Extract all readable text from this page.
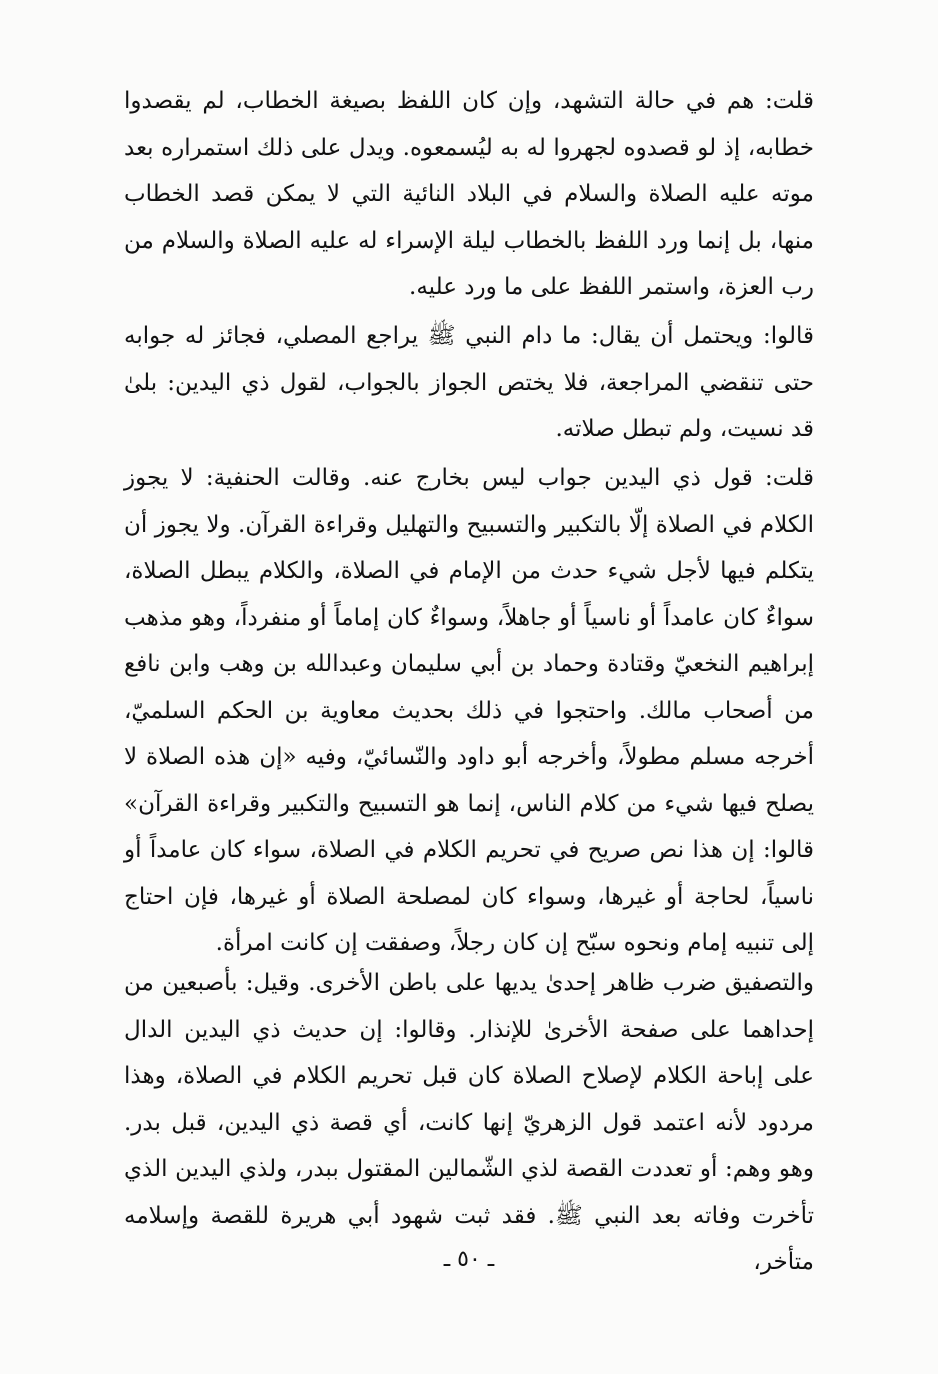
قلت: هم في حالة التشهد، وإن كان اللفظ بصيغة الخطاب، لم يقصدوا خطابه، إذ لو قصدوه لجهروا له به ليُسمعوه. ويدل على ذلك استمراره بعد موته عليه الصلاة والسلام في البلاد النائية التي لا يمكن قصد الخطاب منها، بل إنما ورد اللفظ بالخطاب ليلة الإسراء له عليه الصلاة والسلام من رب العزة، واستمر اللفظ على ما ورد عليه.

قالوا: ويحتمل أن يقال: ما دام النبي ﷺ يراجع المصلي، فجائز له جوابه حتى تنقضي المراجعة، فلا يختص الجواز بالجواب، لقول ذي اليدين: بلىٰ قد نسيت، ولم تبطل صلاته.

قلت: قول ذي اليدين جواب ليس بخارج عنه. وقالت الحنفية: لا يجوز الكلام في الصلاة إلّا بالتكبير والتسبيح والتهليل وقراءة القرآن. ولا يجوز أن يتكلم فيها لأجل شيء حدث من الإمام في الصلاة، والكلام يبطل الصلاة، سواءٌ كان عامداً أو ناسياً أو جاهلاً، وسواءٌ كان إماماً أو منفرداً، وهو مذهب إبراهيم النخعيّ وقتادة وحماد بن أبي سليمان وعبدالله بن وهب وابن نافع من أصحاب مالك. واحتجوا في ذلك بحديث معاوية بن الحكم السلميّ، أخرجه مسلم مطولاً، وأخرجه أبو داود والنّسائيّ، وفيه «إن هذه الصلاة لا يصلح فيها شيء من كلام الناس، إنما هو التسبيح والتكبير وقراءة القرآن» قالوا: إن هذا نص صريح في تحريم الكلام في الصلاة، سواء كان عامداً أو ناسياً، لحاجة أو غيرها، وسواء كان لمصلحة الصلاة أو غيرها، فإن احتاج إلى تنبيه إمام ونحوه سبّح إن كان رجلاً، وصفقت إن كانت امرأة.

والتصفيق ضرب ظاهر إحدىٰ يديها على باطن الأخرى. وقيل: بأصبعين من إحداهما على صفحة الأخرىٰ للإنذار. وقالوا: إن حديث ذي اليدين الدال على إباحة الكلام لإصلاح الصلاة كان قبل تحريم الكلام في الصلاة، وهذا مردود لأنه اعتمد قول الزهريّ إنها كانت، أي قصة ذي اليدين، قبل بدر. وهو وهم: أو تعددت القصة لذي الشّمالين المقتول ببدر، ولذي اليدين الذي تأخرت وفاته بعد النبي ﷺ. فقد ثبت شهود أبي هريرة للقصة وإسلامه متأخر،

ـ ٥٠ ـ
